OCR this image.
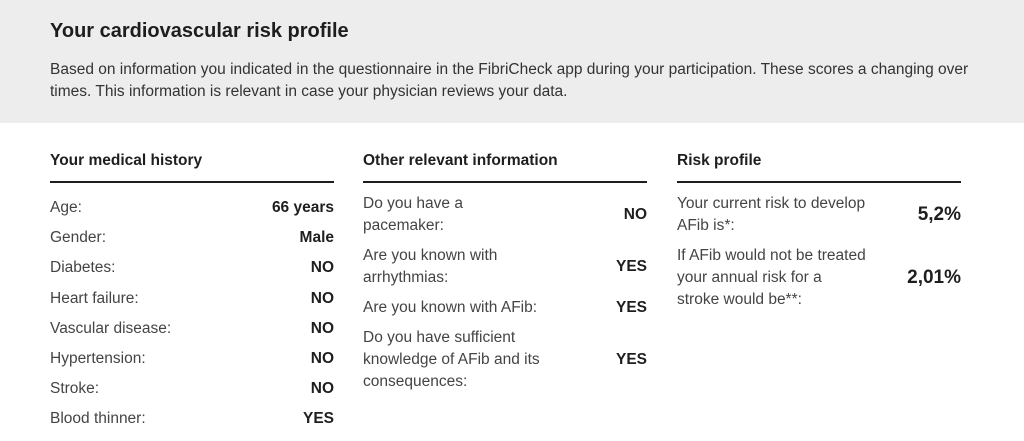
Your cardiovascular risk profile

Based on information you indicated in the questionnaire in the FibriCheck app during your participation. These scores a changing over times. This information is relevant in case your physician reviews your data.

Your medical history
Age:	66 years
Gender:	Male
Diabetes:	NO
Heart failure:	NO
Vascular disease:	NO
Hypertension:	NO
Stroke:	NO
Blood thinner:	YES
Other relevant information
Do you have a pacemaker:
NO
Are you known with arrhythmias:
YES
Are you known with AFib:	YES
Do you have sufficient knowledge of AFib and its consequences:
YES
Risk profile
Your current risk to develop AFib is*:
5,2%
If AFib would not be treated your annual risk for a stroke would be**:
2,01%
